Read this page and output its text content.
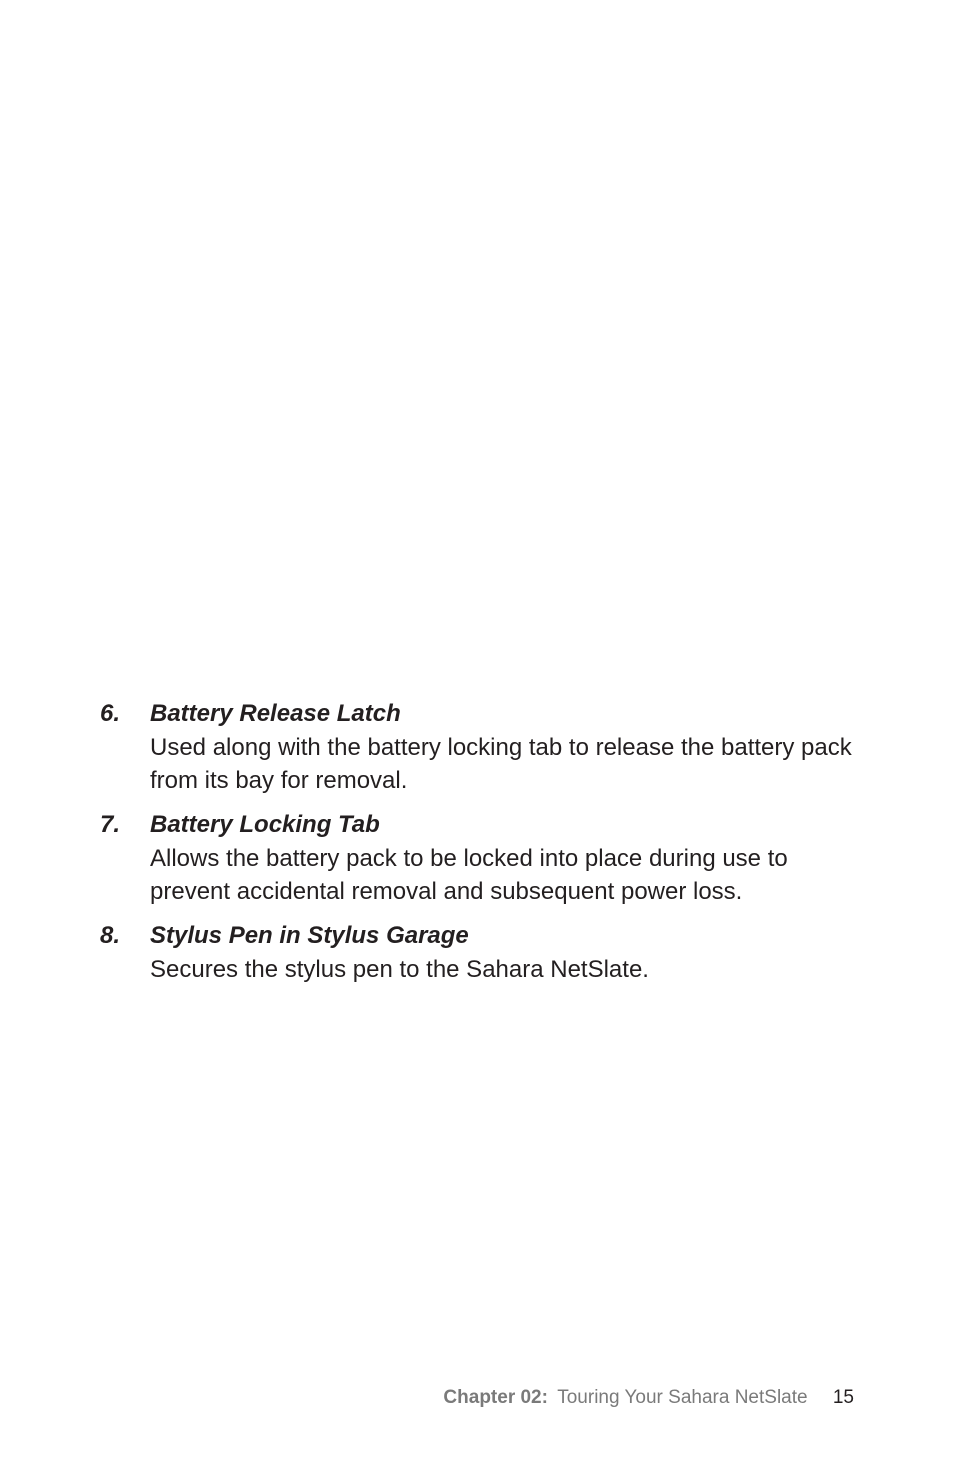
6.	Battery Release Latch
Used along with the battery locking tab to release the battery pack from its bay for removal.
7.	Battery Locking Tab
Allows the battery pack to be locked into place during use to prevent accidental removal and subsequent power loss.
8.	Stylus Pen in Stylus Garage
Secures the stylus pen to the Sahara NetSlate.
Chapter 02: Touring Your Sahara NetSlate 15
